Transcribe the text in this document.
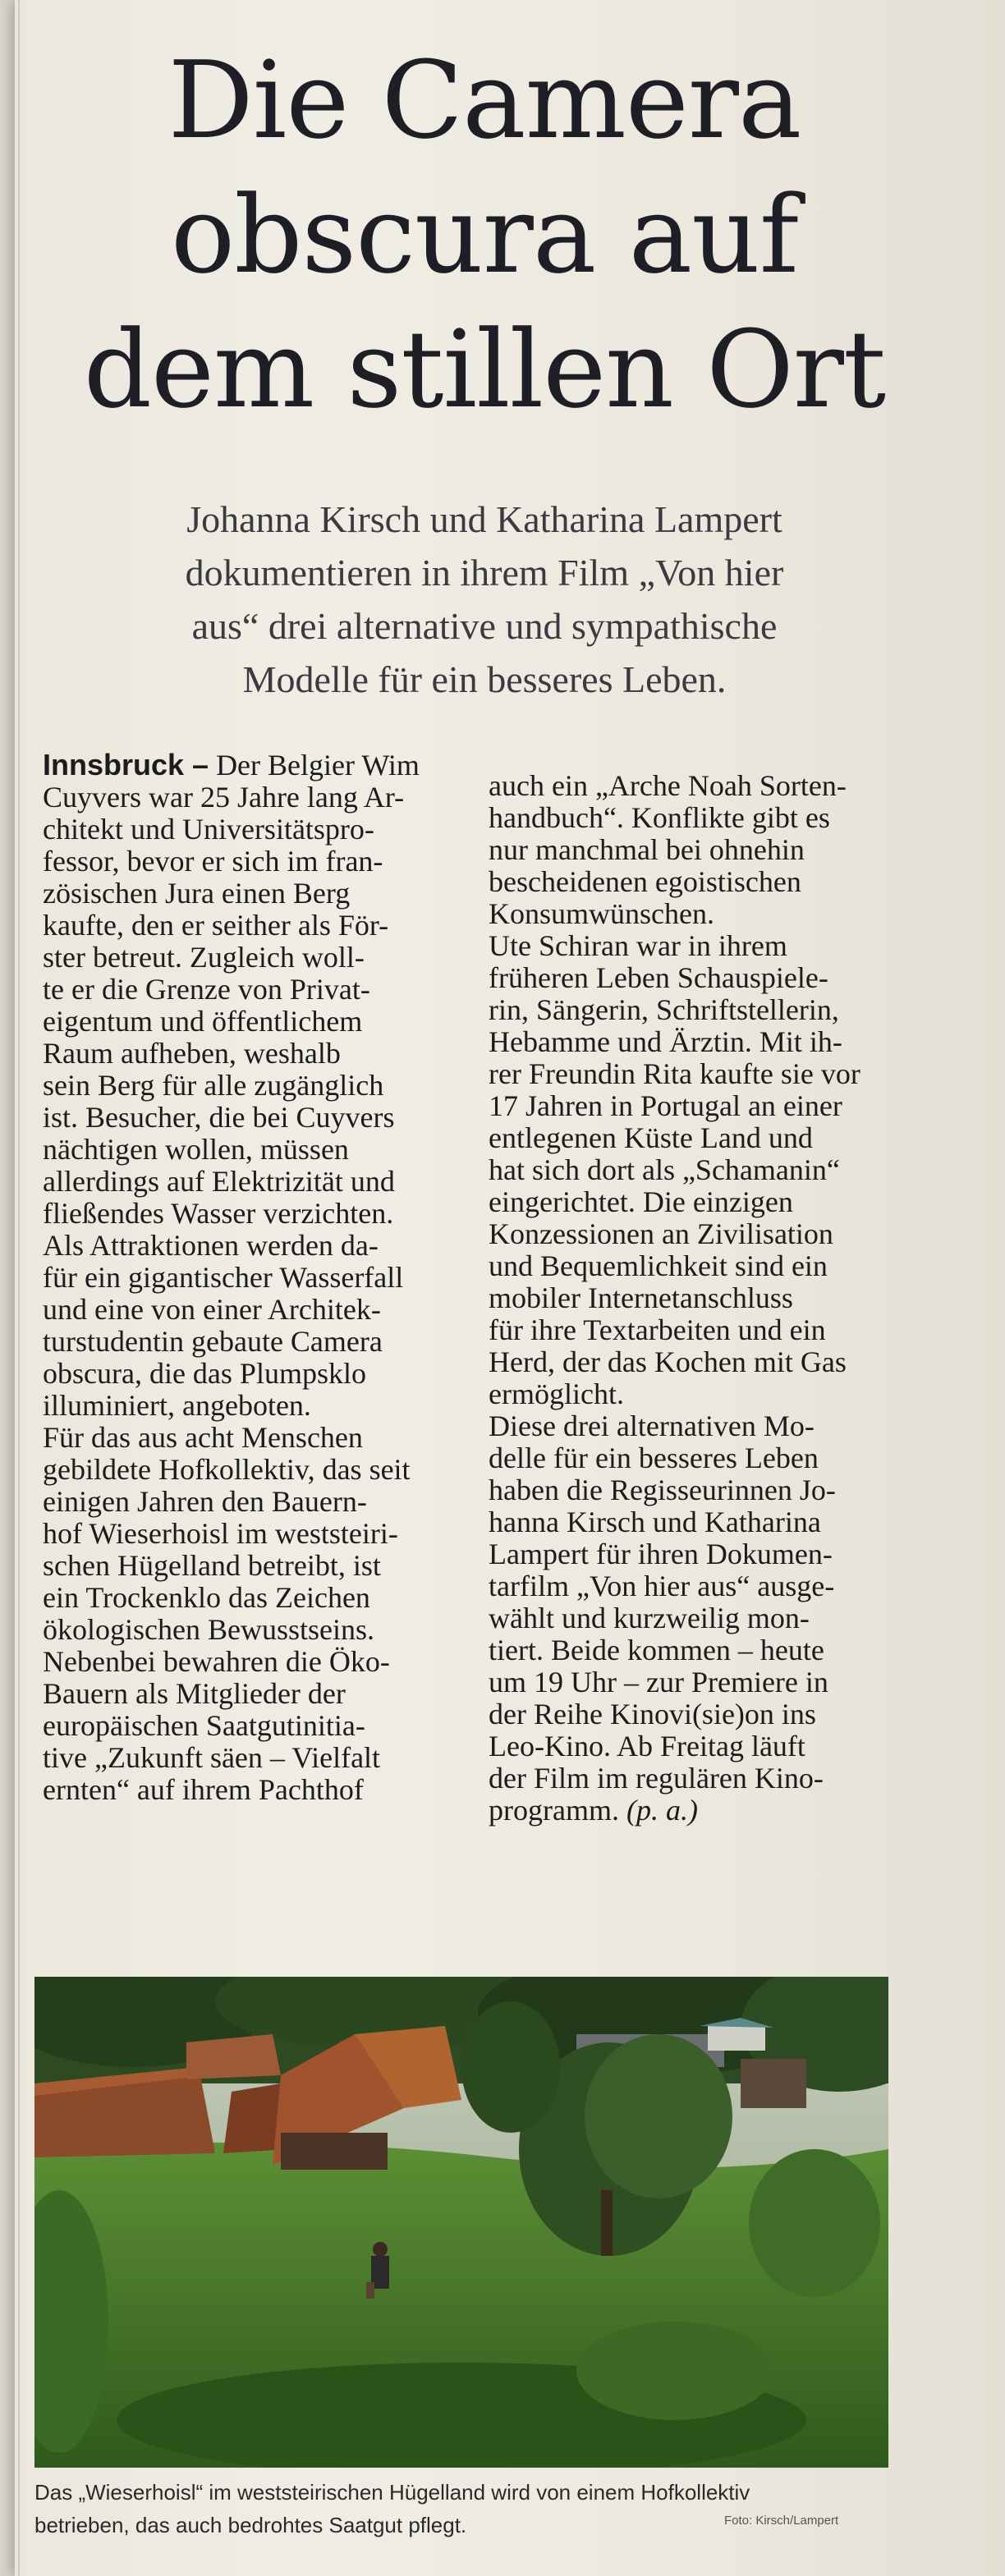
Die Camera
obscura auf
dem stillen Ort
Johanna Kirsch und Katharina Lampert
dokumentieren in ihrem Film „Von hier
aus“ drei alternative und sympathische
Modelle für ein besseres Leben.
Innsbruck – Der Belgier Wim
Cuyvers war 25 Jahre lang Ar-
chitekt und Universitätspro-
fessor, bevor er sich im fran-
zösischen Jura einen Berg
kaufte, den er seither als För-
ster betreut. Zugleich woll-
te er die Grenze von Privat-
eigentum und öffentlichem
Raum aufheben, weshalb
sein Berg für alle zugänglich
ist. Besucher, die bei Cuyvers
nächtigen wollen, müssen
allerdings auf Elektrizität und
fließendes Wasser verzichten.
Als Attraktionen werden da-
für ein gigantischer Wasserfall
und eine von einer Architek-
turstudentin gebaute Camera
obscura, die das Plumpsklo
illuminiert, angeboten.
Für das aus acht Menschen
gebildete Hofkollektiv, das seit
einigen Jahren den Bauern-
hof Wieserhoisl im weststeiri-
schen Hügelland betreibt, ist
ein Trockenklo das Zeichen
ökologischen Bewusstseins.
Nebenbei bewahren die Öko-
Bauern als Mitglieder der
europäischen Saatgutinitia-
tive „Zukunft säen – Vielfalt
ernten“ auf ihrem Pachthof
auch ein „Arche Noah Sorten-
handbuch“. Konflikte gibt es
nur manchmal bei ohnehin
bescheidenen egoistischen
Konsumwünschen.
Ute Schiran war in ihrem
früheren Leben Schauspiele-
rin, Sängerin, Schriftstellerin,
Hebamme und Ärztin. Mit ih-
rer Freundin Rita kaufte sie vor
17 Jahren in Portugal an einer
entlegenen Küste Land und
hat sich dort als „Schamanin“
eingerichtet. Die einzigen
Konzessionen an Zivilisation
und Bequemlichkeit sind ein
mobiler Internetanschluss
für ihre Textarbeiten und ein
Herd, der das Kochen mit Gas
ermöglicht.
Diese drei alternativen Mo-
delle für ein besseres Leben
haben die Regisseurinnen Jo-
hanna Kirsch und Katharina
Lampert für ihren Dokumen-
tarfilm „Von hier aus“ ausge-
wählt und kurzweilig mon-
tiert. Beide kommen – heute
um 19 Uhr – zur Premiere in
der Reihe Kinovi(sie)on ins
Leo-Kino. Ab Freitag läuft
der Film im regulären Kino-
programm. (p. a.)
Das „Wieserhoisl“ im weststeirischen Hügelland wird von einem Hofkollektiv
betrieben, das auch bedrohtes Saatgut pflegt.	Foto: Kirsch/Lampert
